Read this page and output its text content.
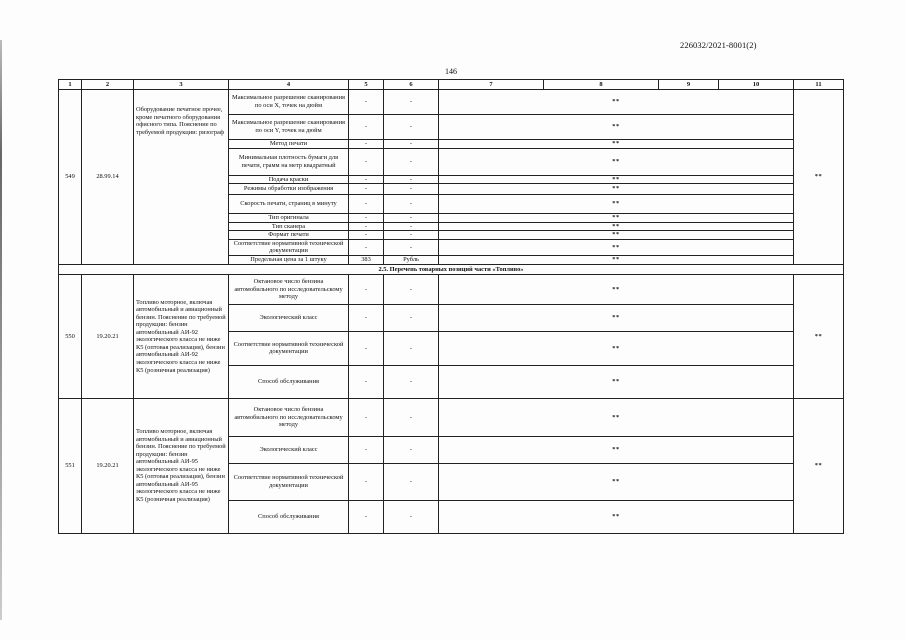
226032/2021-8001(2)
146
1	2	3	4	5	6	7	8	9	10	11
549	28.99.14	Оборудование печатное прочее, кроме печатного оборудования офисного типа. Пояснение по требуемой продукции: ризограф	Максимальное разрешение сканирования по оси X, точек на дюйм	-	-	**				**
			Максимальное разрешение сканирования по оси Y, точек на дюйм	-	-	**				
			Метод печати	-	-	**				
			Минимальная плотность бумаги для печати, грамм на метр квадратный	-	-	**				
			Подача краски	-	-	**				
			Режимы обработки изображения	-	-	**				
			Скорость печати, страниц в минуту	-	-	**				
			Тип оригинала	-	-	**				
			Тип сканера	-	-	**				
			Формат печати	-	-	**				
			Соответствие нормативной технической документации	-	-	**				
			Предельная цена за 1 штуку	383	Рубль	**				
2.5. Перечень товарных позиций части «Топливо»										
550	19.20.21	Топливо моторное, включая автомобильный и авиационный бензин. Пояснение по требуемой продукции: бензин автомобильный АИ-92 экологического класса не ниже К5 (оптовая реализация), бензин автомобильный АИ-92 экологического класса не ниже К5 (розничная реализация)	Октановое число бензина автомобильного по исследовательскому методу	-	-	**				**
			Экологический класс	-	-	**				
			Соответствие нормативной технической документации	-	-	**				
			Способ обслуживания	-	-	**				
551	19.20.21	Топливо моторное, включая автомобильный и авиационный бензин. Пояснение по требуемой продукции: бензин автомобильный АИ-95 экологического класса не ниже К5 (оптовая реализация), бензин автомобильный АИ-95 экологического класса не ниже К5 (розничная реализация)	Октановое число бензина автомобильного по исследовательскому методу	-	-	**				**
			Экологический класс	-	-	**				
			Соответствие нормативной технической документации	-	-	**				
			Способ обслуживания	-	-	**				
